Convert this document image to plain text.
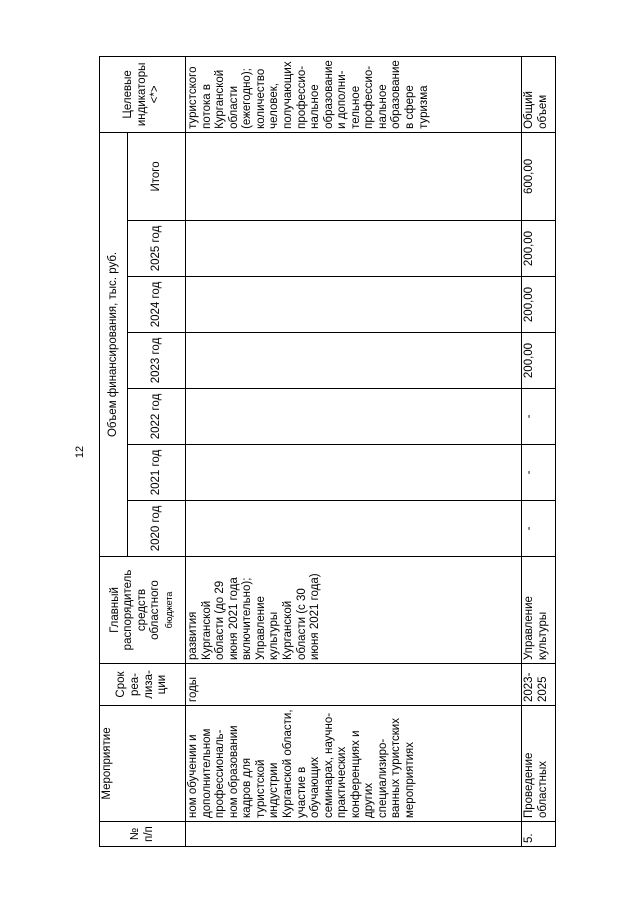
12
№ п/п	Мероприятие	Срок реа-лиза-ции	Главный распорядитель средств областного бюджета	Объем финансирования, тыс. руб.							Целевые индикаторы <*>
				2020 год	2021 год	2022 год	2023 год	2024 год	2025 год	Итого	
	ном обучении и дополнительном профессиональ-ном образовании кадров для туристской индустрии Курганской области, участие в обучающих семинарах, научно-практических конференциях и других специализиро-ванных туристских мероприятиях	годы	развития Курганской области (до 29 июня 2021 года включительно); Управление культуры Курганской области (с 30 июня 2021 года)								туристского потока в Курганской области (ежегодно); количество человек, получающих профессио-нальное образование и дополни-тельное профессио-нальное образование в сфере туризма
5.	Проведение областных	2023-2025	Управление культуры	-	-	-	200,00	200,00	200,00	600,00	Общий объем
